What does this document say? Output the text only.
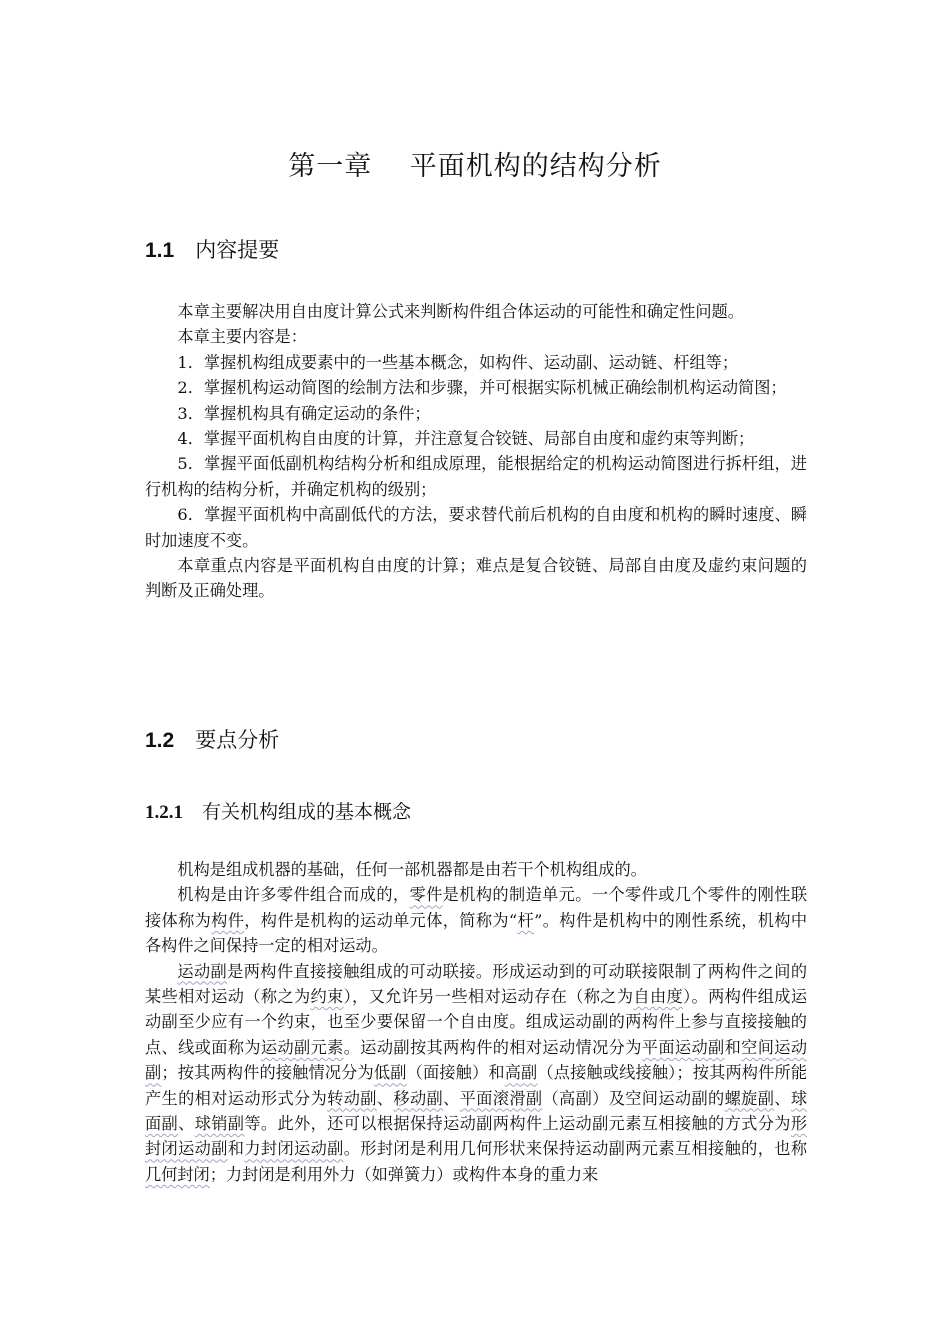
第一章　 平面机构的结构分析
1.1　 内容提要

本章主要解决用自由度计算公式来判断构件组合体运动的可能性和确定性问题。

本章主要内容是：

1．掌握机构组成要素中的一些基本概念，如构件、运动副、运动链、杆组等；

2．掌握机构运动简图的绘制方法和步骤，并可根据实际机械正确绘制机构运动简图；

3．掌握机构具有确定运动的条件；

4．掌握平面机构自由度的计算，并注意复合铰链、局部自由度和虚约束等判断；

5．掌握平面低副机构结构分析和组成原理，能根据给定的机构运动简图进行拆杆组，进行机构的结构分析，并确定机构的级别；

6．掌握平面机构中高副低代的方法，要求替代前后机构的自由度和机构的瞬时速度、瞬时加速度不变。

本章重点内容是平面机构自由度的计算；难点是复合铰链、局部自由度及虚约束问题的判断及正确处理。

1.2　 要点分析
1.2.1　 有关机构组成的基本概念

机构是组成机器的基础，任何一部机器都是由若干个机构组成的。

机构是由许多零件组合而成的，零件是机构的制造单元。一个零件或几个零件的刚性联接体称为构件，构件是机构的运动单元体，简称为“杆”。构件是机构中的刚性系统，机构中各构件之间保持一定的相对运动。

运动副是两构件直接接触组成的可动联接。形成运动到的可动联接限制了两构件之间的某些相对运动（称之为约束），又允许另一些相对运动存在（称之为自由度）。两构件组成运动副至少应有一个约束，也至少要保留一个自由度。组成运动副的两构件上参与直接接触的点、线或面称为运动副元素。运动副按其两构件的相对运动情况分为平面运动副和空间运动副；按其两构件的接触情况分为低副（面接触）和高副（点接触或线接触）；按其两构件所能产生的相对运动形式分为转动副、移动副、平面滚滑副（高副）及空间运动副的螺旋副、球面副、球销副等。此外，还可以根据保持运动副两构件上运动副元素互相接触的方式分为形封闭运动副和力封闭运动副。形封闭是利用几何形状来保持运动副两元素互相接触的，也称几何封闭；力封闭是利用外力（如弹簧力）或构件本身的重力来
